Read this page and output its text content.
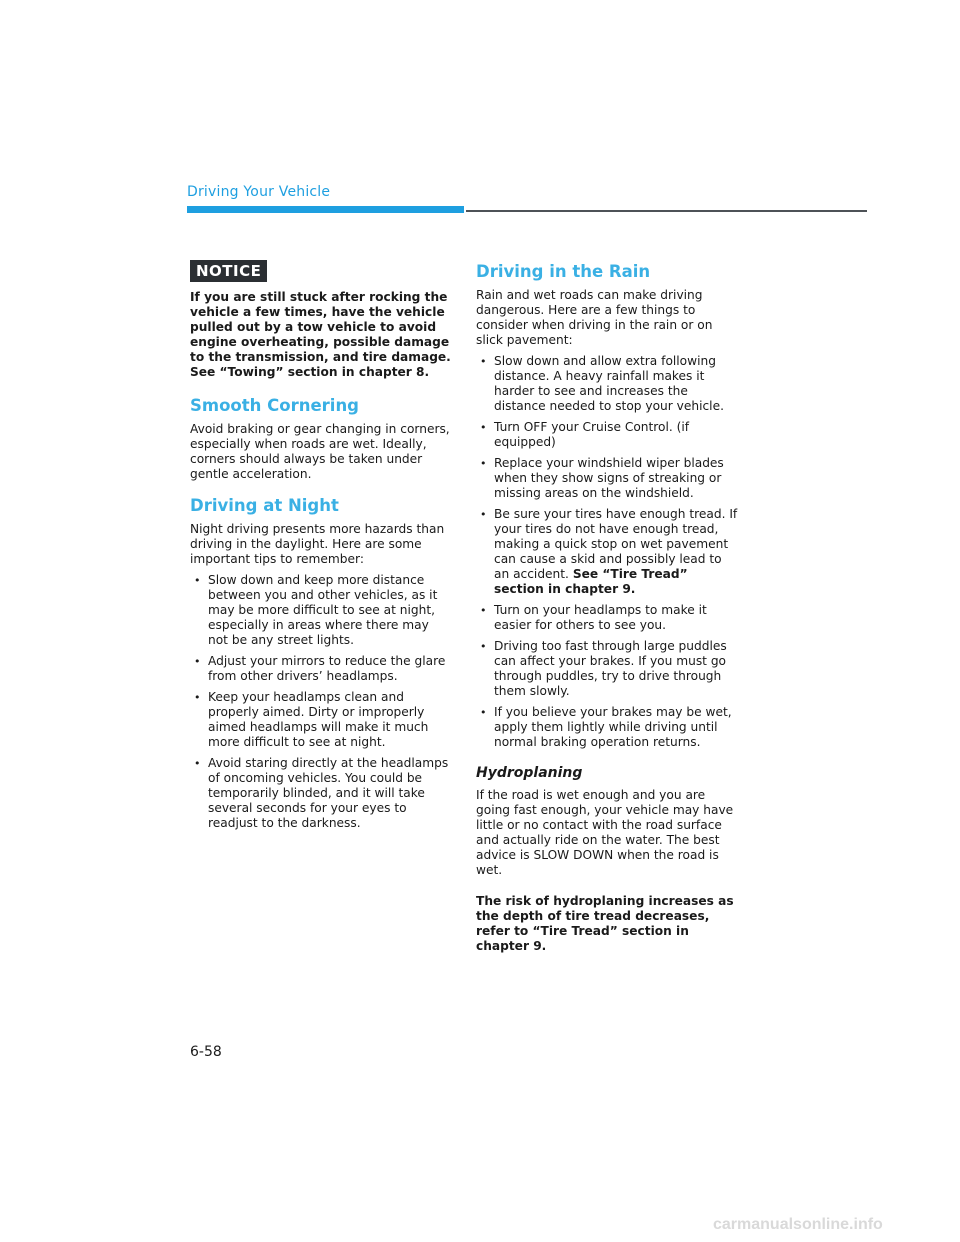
Driving Your Vehicle
NOTICE
If you are still stuck after rocking the vehicle a few times, have the vehicle pulled out by a tow vehicle to avoid engine overheating, possible damage to the transmission, and tire damage. See “Towing” section in chapter 8.
Smooth Cornering

Avoid braking or gear changing in corners, especially when roads are wet. Ideally, corners should always be taken under gentle acceleration.

Driving at Night

Night driving presents more hazards than driving in the daylight. Here are some important tips to remember:

• Slow down and keep more distance between you and other vehicles, as it may be more difficult to see at night, especially in areas where there may not be any street lights.
• Adjust your mirrors to reduce the glare from other drivers’ headlamps.
• Keep your headlamps clean and properly aimed. Dirty or improperly aimed headlamps will make it much more difficult to see at night.
• Avoid staring directly at the headlamps of oncoming vehicles. You could be temporarily blinded, and it will take several seconds for your eyes to readjust to the darkness.
Driving in the Rain

Rain and wet roads can make driving dangerous. Here are a few things to consider when driving in the rain or on slick pavement:

• Slow down and allow extra following distance. A heavy rainfall makes it harder to see and increases the distance needed to stop your vehicle.
• Turn OFF your Cruise Control. (if equipped)
• Replace your windshield wiper blades when they show signs of streaking or missing areas on the windshield.
• Be sure your tires have enough tread. If your tires do not have enough tread, making a quick stop on wet pavement can cause a skid and possibly lead to an accident. See “Tire Tread” section in chapter 9.
• Turn on your headlamps to make it easier for others to see you.
• Driving too fast through large puddles can affect your brakes. If you must go through puddles, try to drive through them slowly.
• If you believe your brakes may be wet, apply them lightly while driving until normal braking operation returns.
Hydroplaning

If the road is wet enough and you are going fast enough, your vehicle may have little or no contact with the road surface and actually ride on the water. The best advice is SLOW DOWN when the road is wet.

The risk of hydroplaning increases as the depth of tire tread decreases, refer to “Tire Tread” section in chapter 9.
6-58
carmanualsonline.info
